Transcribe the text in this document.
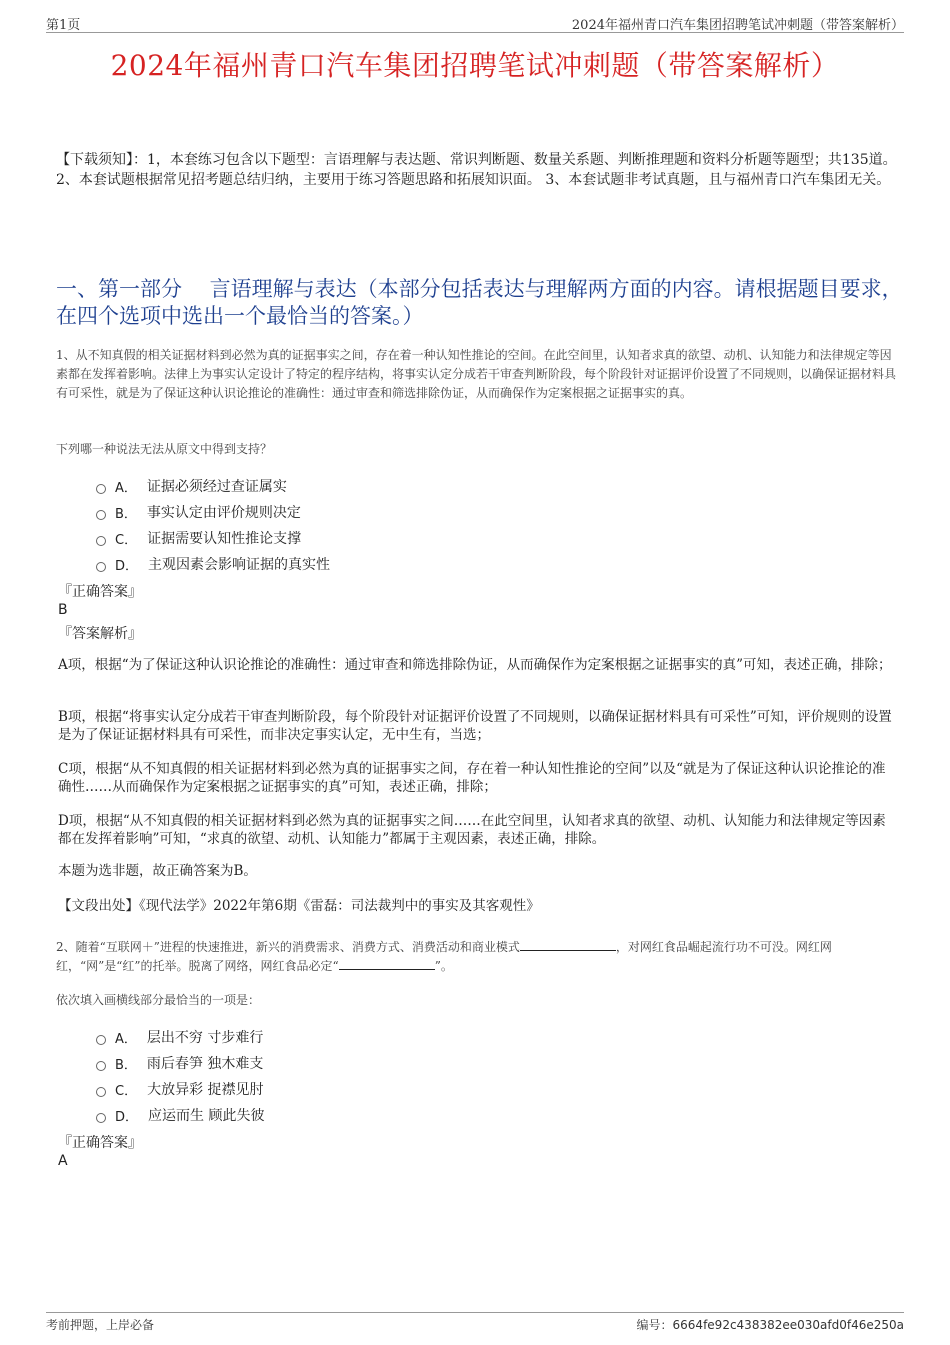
第1页	2024年福州青口汽车集团招聘笔试冲刺题（带答案解析）
2024年福州青口汽车集团招聘笔试冲刺题（带答案解析）
【下载须知】：1，本套练习包含以下题型：言语理解与表达题、常识判断题、数量关系题、判断推理题和资料分析题等题型；共135道。 2、本套试题根据常见招考题总结归纳，主要用于练习答题思路和拓展知识面。 3、本套试题非考试真题，且与福州青口汽车集团无关。
一、第一部分　 言语理解与表达（本部分包括表达与理解两方面的内容。请根据题目要求，在四个选项中选出一个最恰当的答案。）
1、从不知真假的相关证据材料到必然为真的证据事实之间，存在着一种认知性推论的空间。在此空间里，认知者求真的欲望、动机、认知能力和法律规定等因素都在发挥着影响。法律上为事实认定设计了特定的程序结构，将事实认定分成若干审查判断阶段，每个阶段针对证据评价设置了不同规则，以确保证据材料具有可采性，就是为了保证这种认识论推论的准确性：通过审查和筛选排除伪证，从而确保作为定案根据之证据事实的真。
下列哪一种说法无法从原文中得到支持？
A． 证据必须经过查证属实
B． 事实认定由评价规则决定
C． 证据需要认知性推论支撑
D． 主观因素会影响证据的真实性
『正确答案』
B
『答案解析』
A项，根据“为了保证这种认识论推论的准确性：通过审查和筛选排除伪证，从而确保作为定案根据之证据事实的真”可知，表述正确，排除；
B项，根据“将事实认定分成若干审查判断阶段，每个阶段针对证据评价设置了不同规则，以确保证据材料具有可采性”可知，评价规则的设置是为了保证证据材料具有可采性，而非决定事实认定，无中生有，当选；
C项，根据“从不知真假的相关证据材料到必然为真的证据事实之间，存在着一种认知性推论的空间”以及“就是为了保证这种认识论推论的准确性……从而确保作为定案根据之证据事实的真”可知，表述正确，排除；
D项，根据“从不知真假的相关证据材料到必然为真的证据事实之间……在此空间里，认知者求真的欲望、动机、认知能力和法律规定等因素都在发挥着影响”可知，“求真的欲望、动机、认知能力”都属于主观因素，表述正确，排除。
本题为选非题，故正确答案为B。
【文段出处】《现代法学》2022年第6期《雷磊：司法裁判中的事实及其客观性》
2、随着“互联网＋”进程的快速推进，新兴的消费需求、消费方式、消费活动和商业模式	，对网红食品崛起流行功不可没。网红网红，“网”是“红”的托举。脱离了网络，网红食品必定“	”。
依次填入画横线部分最恰当的一项是：
A． 层出不穷 寸步难行
B． 雨后春笋 独木难支
C． 大放异彩 捉襟见肘
D． 应运而生 顾此失彼
『正确答案』
A
考前押题，上岸必备	编号：6664fe92c438382ee030afd0f46e250a
